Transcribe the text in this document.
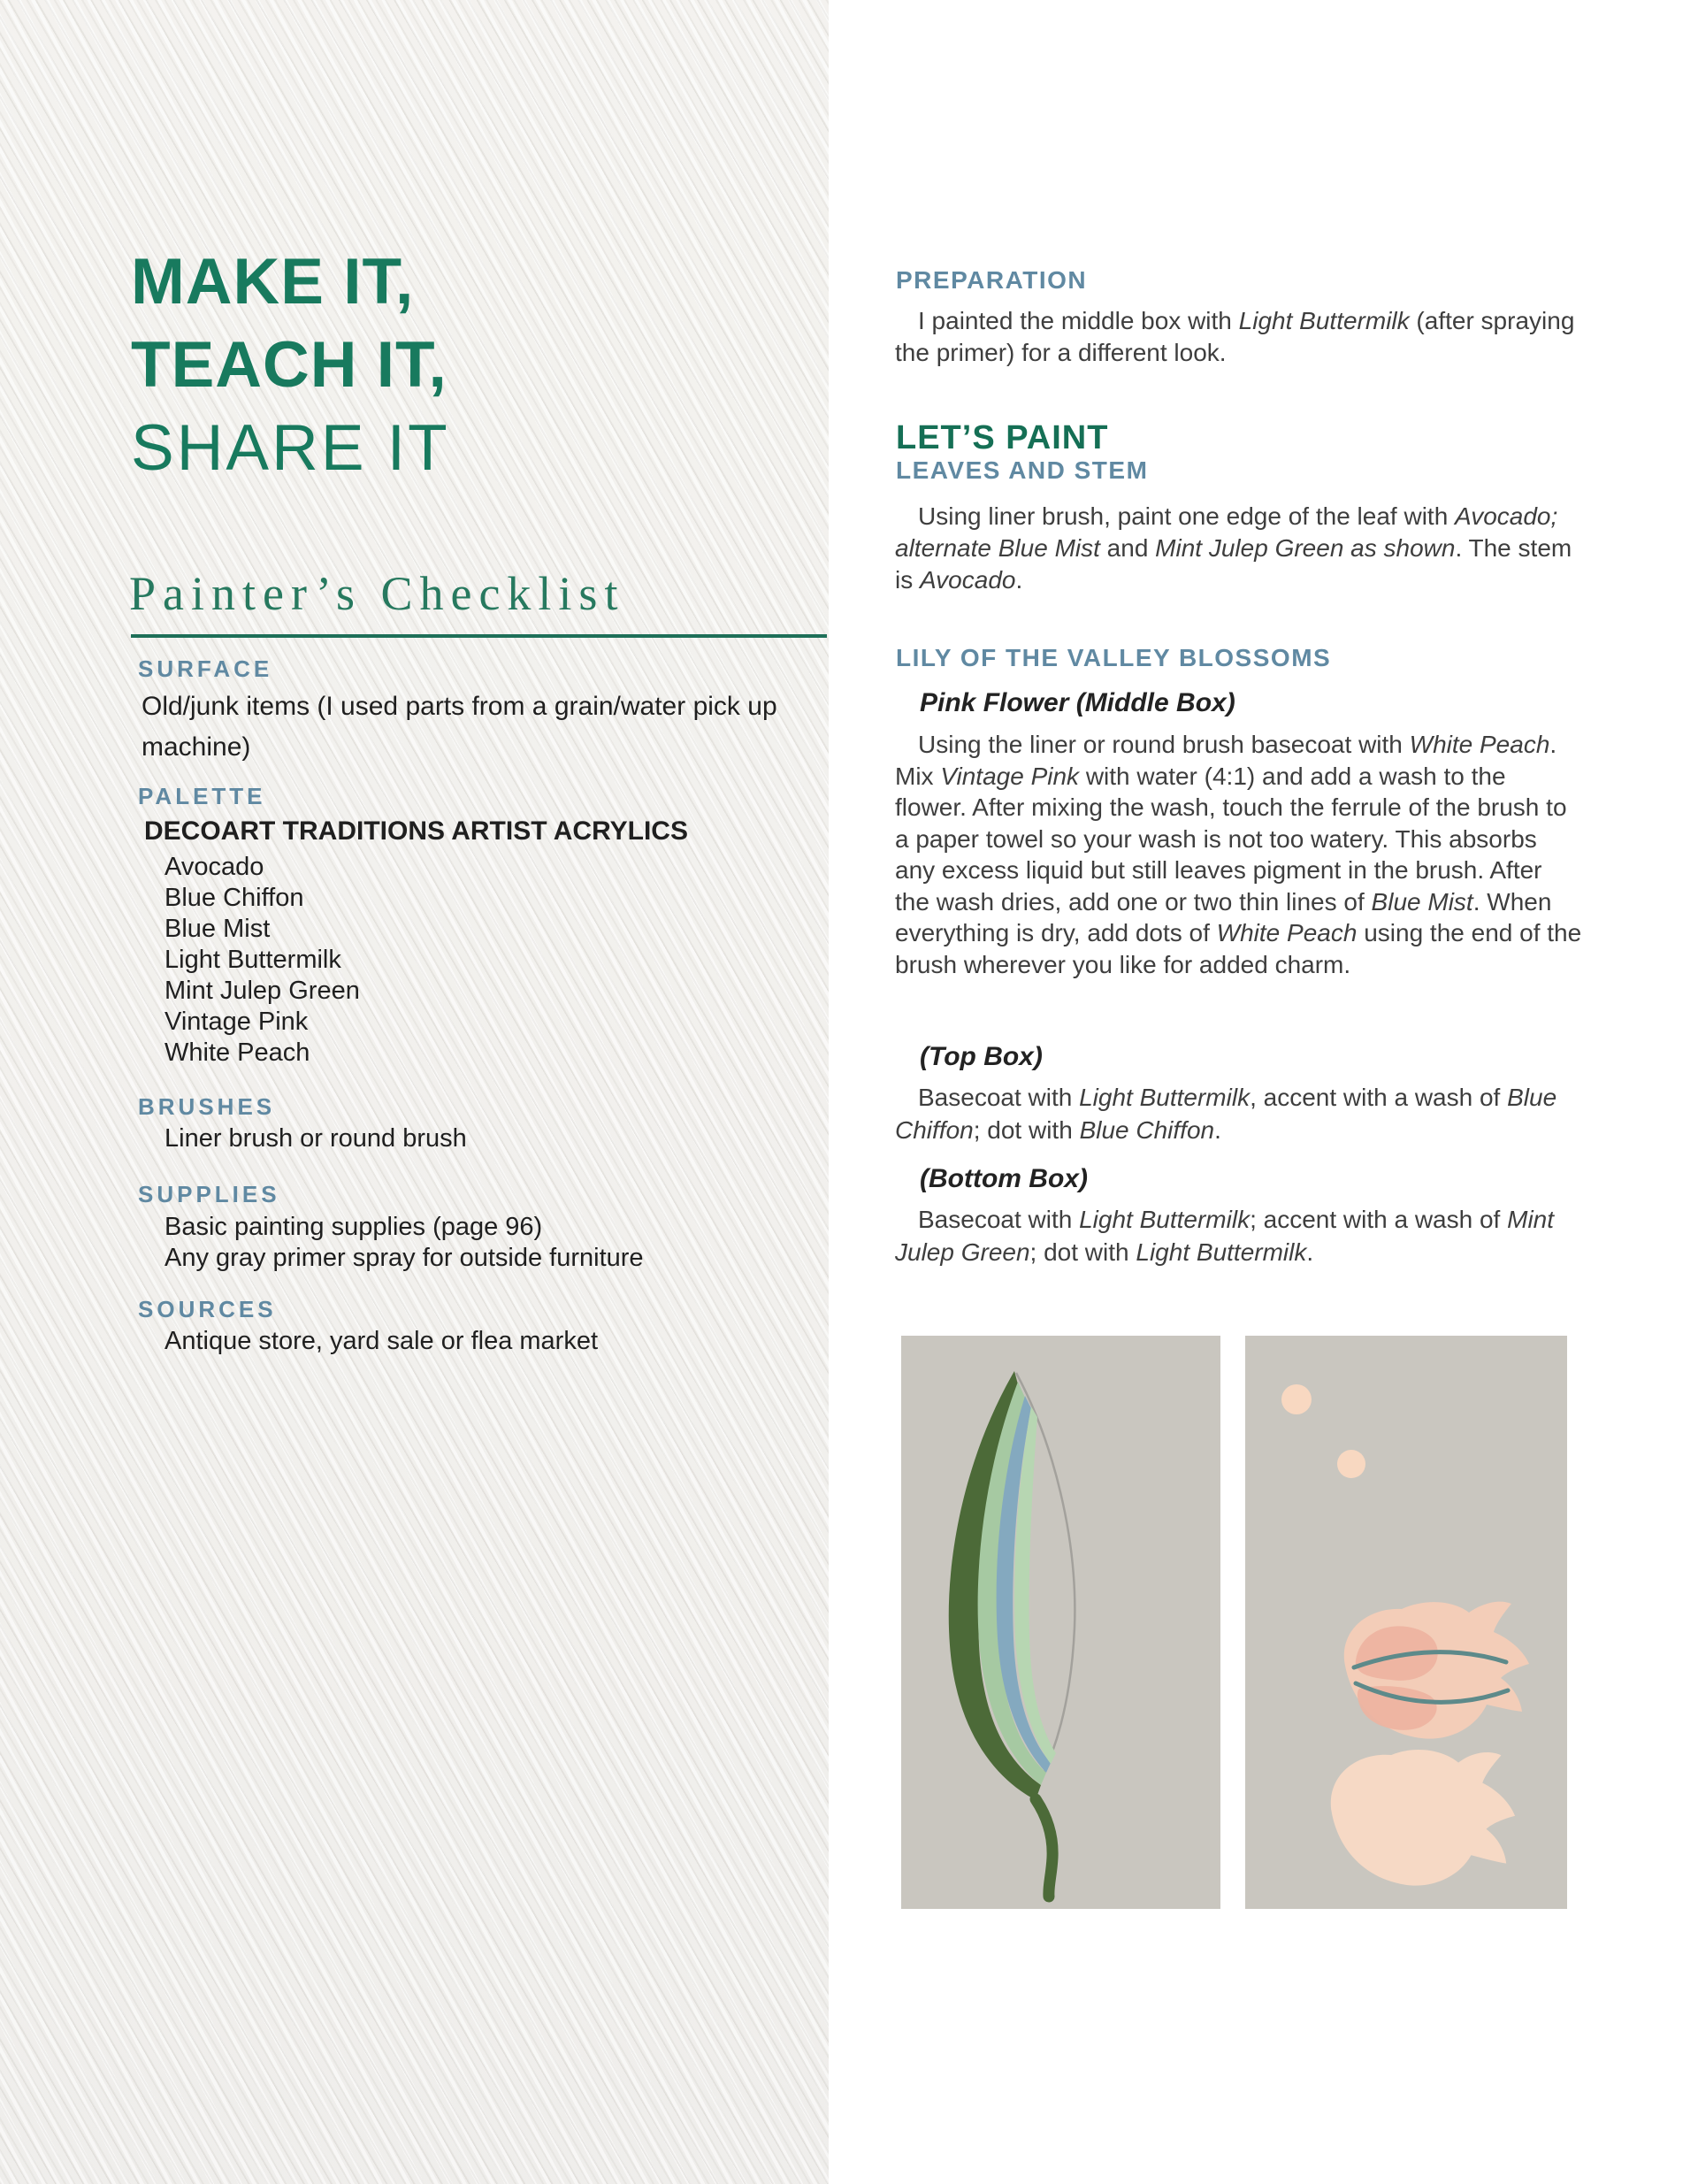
MAKE IT,
TEACH IT,
SHARE IT
Painter’s Checklist
SURFACE
Old/junk items (I used parts from a grain/water pick up machine)
PALETTE
DECOART TRADITIONS ARTIST ACRYLICS
Avocado
Blue Chiffon
Blue Mist
Light Buttermilk
Mint Julep Green
Vintage Pink
White Peach
BRUSHES
Liner brush or round brush
SUPPLIES
Basic painting supplies (page 96)
Any gray primer spray for outside furniture
SOURCES
Antique store, yard sale or flea market
PREPARATION
I painted the middle box with Light Buttermilk (after spraying the primer) for a different look.
LET’S PAINT
LEAVES AND STEM
Using liner brush, paint one edge of the leaf with Avocado; alternate Blue Mist and Mint Julep Green as shown. The stem is Avocado.
LILY OF THE VALLEY BLOSSOMS
Pink Flower (Middle Box)
Using the liner or round brush basecoat with White Peach. Mix Vintage Pink with water (4:1) and add a wash to the flower. After mixing the wash, touch the ferrule of the brush to a paper towel so your wash is not too watery. This absorbs any excess liquid but still leaves pigment in the brush. After the wash dries, add one or two thin lines of Blue Mist. When everything is dry, add dots of White Peach using the end of the brush wherever you like for added charm.
(Top Box)
Basecoat with Light Buttermilk, accent with a wash of Blue Chiffon; dot with Blue Chiffon.
(Bottom Box)
Basecoat with Light Buttermilk; accent with a wash of Mint Julep Green; dot with Light Buttermilk.
